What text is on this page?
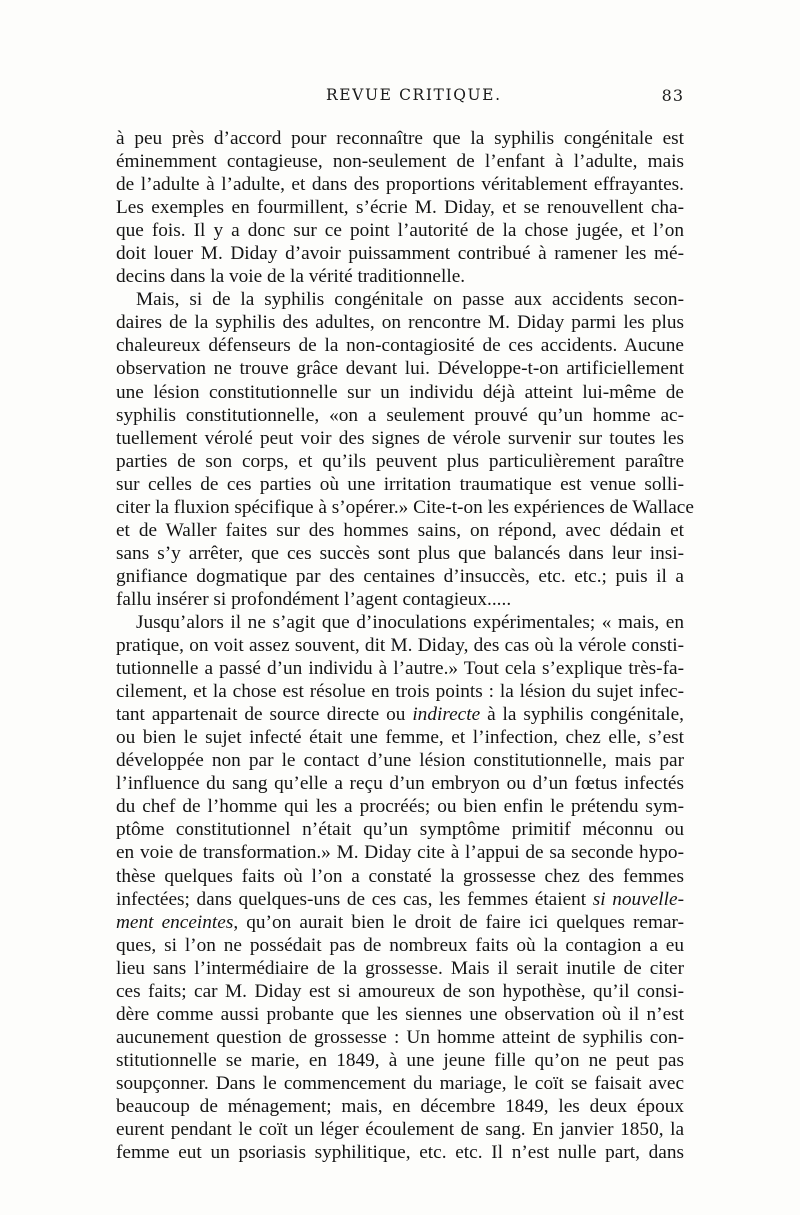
REVUE CRITIQUE.	83
à peu près d’accord pour reconnaître que la syphilis congénitale est
éminemment contagieuse, non-seulement de l’enfant à l’adulte, mais
de l’adulte à l’adulte, et dans des proportions véritablement effrayantes.
Les exemples en fourmillent, s’écrie M. Diday, et se renouvellent cha-
que fois. Il y a donc sur ce point l’autorité de la chose jugée, et l’on
doit louer M. Diday d’avoir puissamment contribué à ramener les mé-
decins dans la voie de la vérité traditionnelle.
Mais, si de la syphilis congénitale on passe aux accidents secon-
daires de la syphilis des adultes, on rencontre M. Diday parmi les plus
chaleureux défenseurs de la non-contagiosité de ces accidents. Aucune
observation ne trouve grâce devant lui. Développe-t-on artificiellement
une lésion constitutionnelle sur un individu déjà atteint lui-même de
syphilis constitutionnelle, «on a seulement prouvé qu’un homme ac-
tuellement vérolé peut voir des signes de vérole survenir sur toutes les
parties de son corps, et qu’ils peuvent plus particulièrement paraître
sur celles de ces parties où une irritation traumatique est venue solli-
citer la fluxion spécifique à s’opérer.» Cite-t-on les expériences de Wallace
et de Waller faites sur des hommes sains, on répond, avec dédain et
sans s’y arrêter, que ces succès sont plus que balancés dans leur insi-
gnifiance dogmatique par des centaines d’insuccès, etc. etc.; puis il a
fallu insérer si profondément l’agent contagieux.....
Jusqu’alors il ne s’agit que d’inoculations expérimentales; « mais, en
pratique, on voit assez souvent, dit M. Diday, des cas où la vérole consti-
tutionnelle a passé d’un individu à l’autre.» Tout cela s’explique très-fa-
cilement, et la chose est résolue en trois points : la lésion du sujet infec-
tant appartenait de source directe ou indirecte à la syphilis congénitale,
ou bien le sujet infecté était une femme, et l’infection, chez elle, s’est
développée non par le contact d’une lésion constitutionnelle, mais par
l’influence du sang qu’elle a reçu d’un embryon ou d’un fœtus infectés
du chef de l’homme qui les a procréés; ou bien enfin le prétendu sym-
ptôme constitutionnel n’était qu’un symptôme primitif méconnu ou
en voie de transformation.» M. Diday cite à l’appui de sa seconde hypo-
thèse quelques faits où l’on a constaté la grossesse chez des femmes
infectées; dans quelques-uns de ces cas, les femmes étaient si nouvelle-
ment enceintes, qu’on aurait bien le droit de faire ici quelques remar-
ques, si l’on ne possédait pas de nombreux faits où la contagion a eu
lieu sans l’intermédiaire de la grossesse. Mais il serait inutile de citer
ces faits; car M. Diday est si amoureux de son hypothèse, qu’il consi-
dère comme aussi probante que les siennes une observation où il n’est
aucunement question de grossesse : Un homme atteint de syphilis con-
stitutionnelle se marie, en 1849, à une jeune fille qu’on ne peut pas
soupçonner. Dans le commencement du mariage, le coït se faisait avec
beaucoup de ménagement; mais, en décembre 1849, les deux époux
eurent pendant le coït un léger écoulement de sang. En janvier 1850, la
femme eut un psoriasis syphilitique, etc. etc. Il n’est nulle part, dans
